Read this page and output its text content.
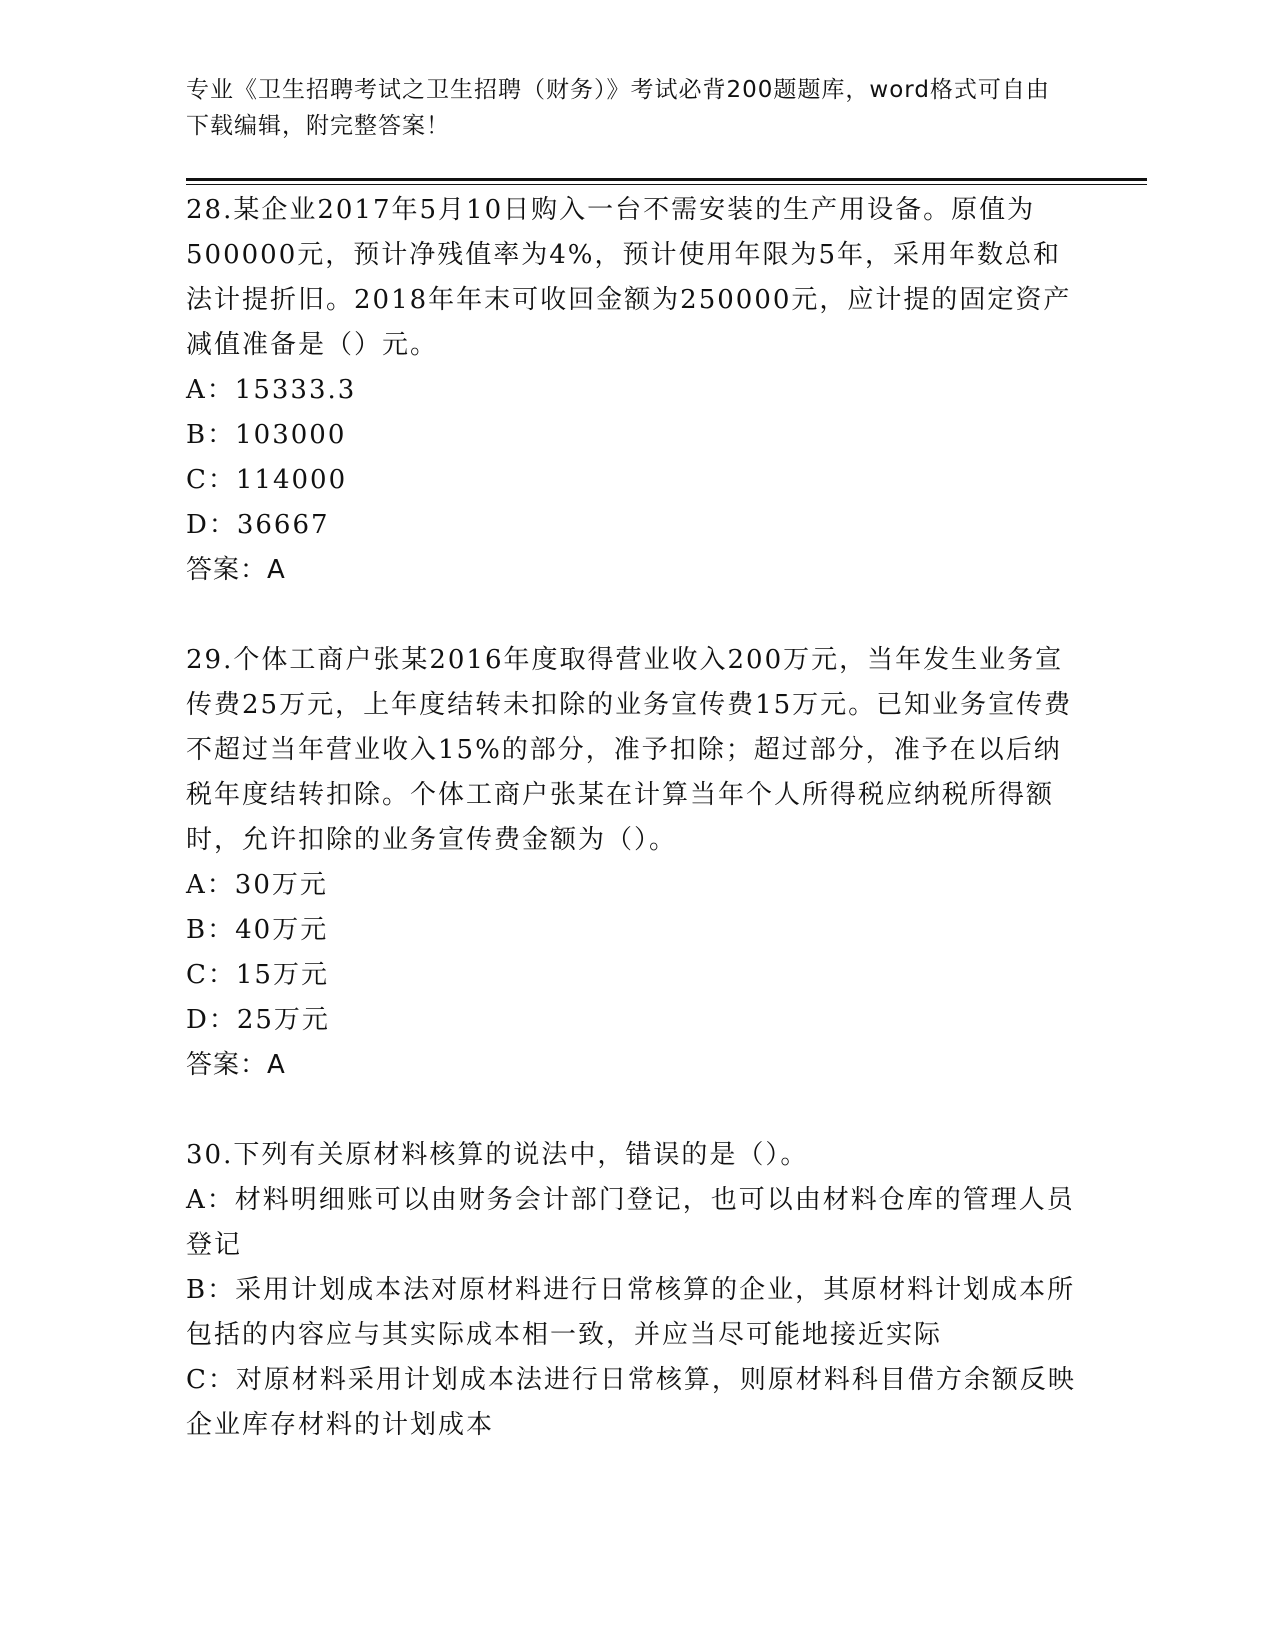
专业《卫生招聘考试之卫生招聘（财务）》考试必背200题题库，word格式可自由下载编辑，附完整答案！

28.某企业2017年5月10日购入一台不需安装的生产用设备。原值为500000元，预计净残值率为4%，预计使用年限为5年，采用年数总和法计提折旧。2018年年末可收回金额为250000元，应计提的固定资产减值准备是（）元。

A：15333.3

B：103000

C：114000

D：36667

答案：A

29.个体工商户张某2016年度取得营业收入200万元，当年发生业务宣传费25万元，上年度结转未扣除的业务宣传费15万元。已知业务宣传费不超过当年营业收入15%的部分，准予扣除；超过部分，准予在以后纳税年度结转扣除。个体工商户张某在计算当年个人所得税应纳税所得额时，允许扣除的业务宣传费金额为（）。

A：30万元

B：40万元

C：15万元

D：25万元

答案：A

30.下列有关原材料核算的说法中，错误的是（）。

A：材料明细账可以由财务会计部门登记，也可以由材料仓库的管理人员登记

B：采用计划成本法对原材料进行日常核算的企业，其原材料计划成本所包括的内容应与其实际成本相一致，并应当尽可能地接近实际

C：对原材料采用计划成本法进行日常核算，则原材料科目借方余额反映企业库存材料的计划成本
